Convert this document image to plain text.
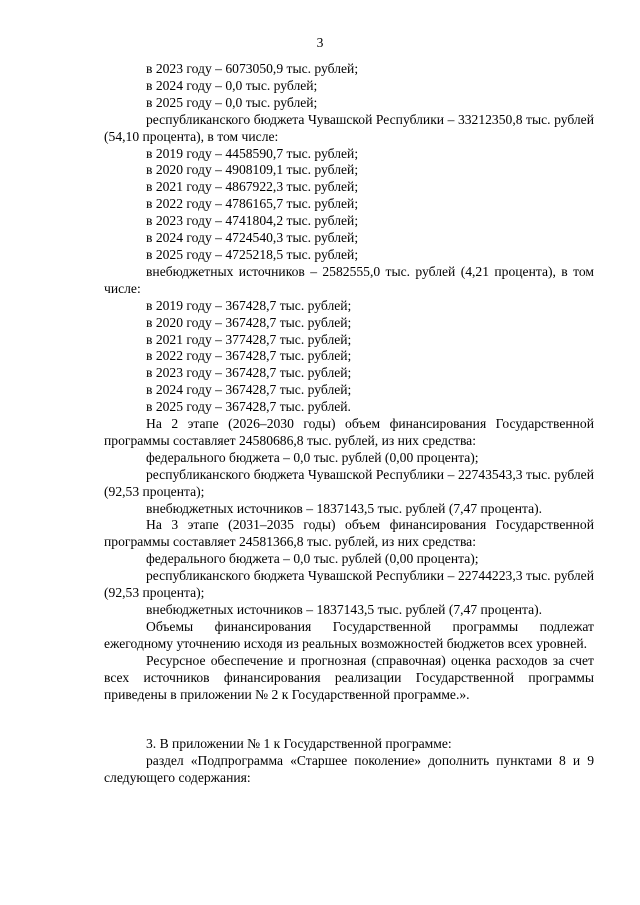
3

в 2023 году – 6073050,9 тыс. рублей;

в 2024 году – 0,0 тыс. рублей;

в 2025 году – 0,0 тыс. рублей;

республиканского бюджета Чувашской Республики – 33212350,8 тыс. рублей (54,10 процента), в том числе:

в 2019 году – 4458590,7 тыс. рублей;

в 2020 году – 4908109,1 тыс. рублей;

в 2021 году – 4867922,3 тыс. рублей;

в 2022 году – 4786165,7 тыс. рублей;

в 2023 году – 4741804,2 тыс. рублей;

в 2024 году – 4724540,3 тыс. рублей;

в 2025 году – 4725218,5 тыс. рублей;

внебюджетных источников – 2582555,0 тыс. рублей (4,21 процента), в том числе:

в 2019 году – 367428,7 тыс. рублей;

в 2020 году – 367428,7 тыс. рублей;

в 2021 году – 377428,7 тыс. рублей;

в 2022 году – 367428,7 тыс. рублей;

в 2023 году – 367428,7 тыс. рублей;

в 2024 году – 367428,7 тыс. рублей;

в 2025 году – 367428,7 тыс. рублей.

На 2 этапе (2026–2030 годы) объем финансирования Государственной программы составляет 24580686,8 тыс. рублей, из них средства:

федерального бюджета – 0,0 тыс. рублей (0,00 процента);

республиканского бюджета Чувашской Республики – 22743543,3 тыс. рублей (92,53 процента);

внебюджетных источников – 1837143,5 тыс. рублей (7,47 процента).

На 3 этапе (2031–2035 годы) объем финансирования Государственной программы составляет 24581366,8 тыс. рублей, из них средства:

федерального бюджета – 0,0 тыс. рублей (0,00 процента);

республиканского бюджета Чувашской Республики – 22744223,3 тыс. рублей (92,53 процента);

внебюджетных источников – 1837143,5 тыс. рублей (7,47 процента).

Объемы финансирования Государственной программы подлежат ежегодному уточнению исходя из реальных возможностей бюджетов всех уровней.

Ресурсное обеспечение и прогнозная (справочная) оценка расходов за счет всех источников финансирования реализации Государственной программы приведены в приложении № 2 к Государственной программе.».

3. В приложении № 1 к Государственной программе:

раздел «Подпрограмма «Старшее поколение» дополнить пунктами 8 и 9 следующего содержания:
